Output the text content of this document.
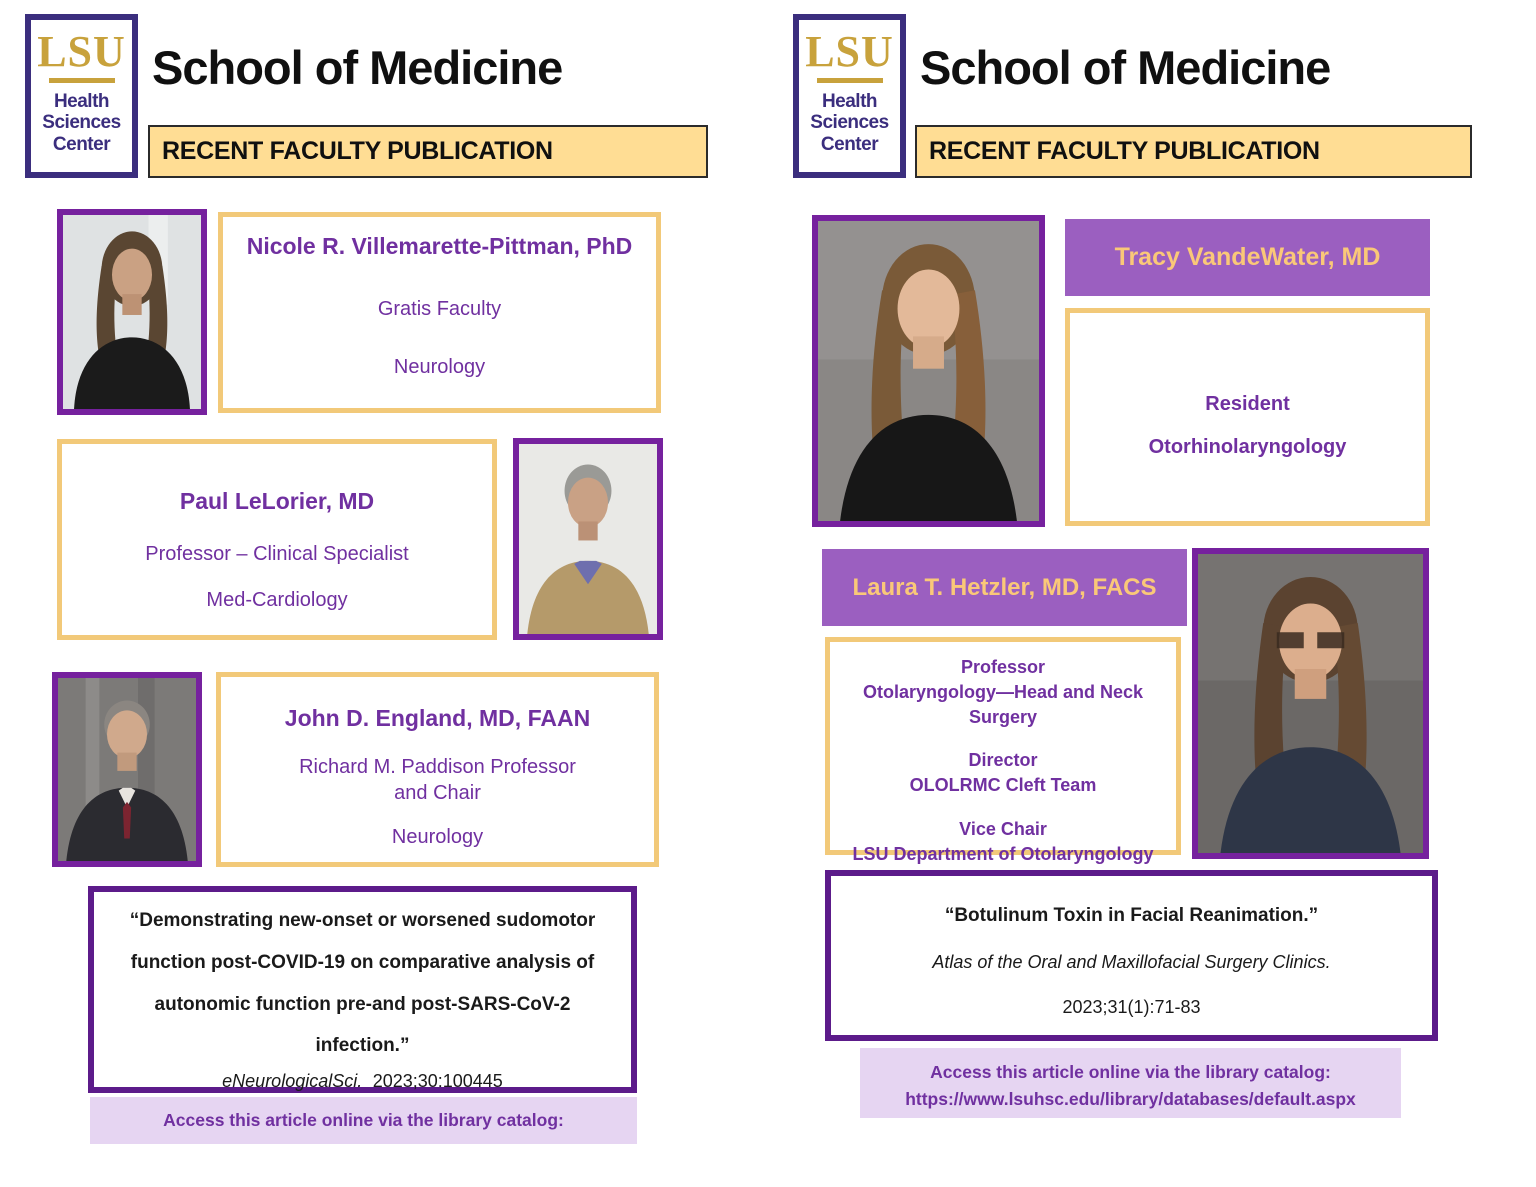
LSU
Health
Sciences
Center
School of Medicine
RECENT FACULTY PUBLICATION
Nicole R. Villemarette-Pittman, PhD
Gratis Faculty
Neurology
Paul LeLorier, MD
Professor – Clinical Specialist
Med-Cardiology
John D. England, MD, FAAN
Richard M. Paddison Professor and Chair
Neurology
“Demonstrating new-onset or worsened sudomotor function post-COVID-19 on comparative analysis of autonomic function pre-and post-SARS-CoV-2 infection.”
eNeurologicalSci. 2023;30:100445
Access this article online via the library catalog:
LSU
Health
Sciences
Center
School of Medicine
RECENT FACULTY PUBLICATION
Tracy VandeWater, MD
Resident
Otorhinolaryngology
Laura T. Hetzler, MD, FACS
Professor
Otolaryngology—Head and Neck Surgery
Director
OLOLRMC Cleft Team
Vice Chair
LSU Department of Otolaryngology
“Botulinum Toxin in Facial Reanimation.”
Atlas of the Oral and Maxillofacial Surgery Clinics.
2023;31(1):71-83
Access this article online via the library catalog:
https://www.lsuhsc.edu/library/databases/default.aspx
